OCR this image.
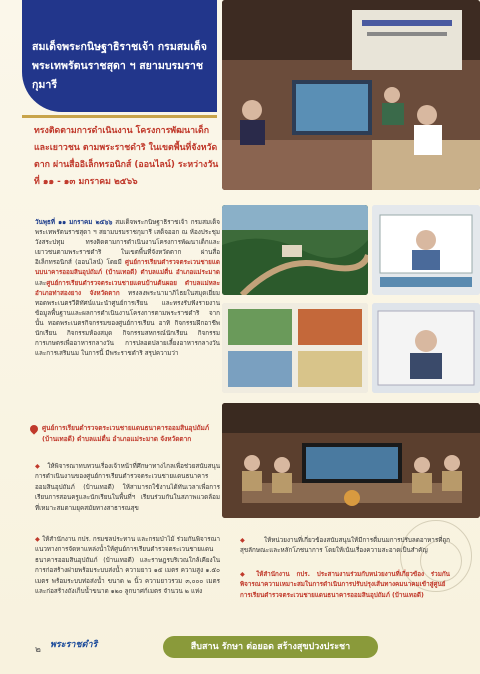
สมเด็จพระกนิษฐาธิราชเจ้า กรมสมเด็จพระเทพรัตนราชสุดา ฯ สยามบรมราชกุมารี
ทรงติดตามการดำเนินงาน โครงการพัฒนาเด็กและเยาวชน ตามพระราชดำริ ในเขตพื้นที่จังหวัดตาก ผ่านสื่ออิเล็กทรอนิกส์ (ออนไลน์) ระหว่างวันที่ ๑๑ - ๑๓ มกราคม ๒๕๖๖
วันพุธที่ ๑๑ มกราคม ๒๕๖๖ สมเด็จพระกนิษฐาธิราชเจ้า กรมสมเด็จพระเทพรัตนราชสุดา ฯ สยามบรมราชกุมารี เสด็จออก ณ ห้องประชุม วังสระปทุม ทรงติดตามการดำเนินงานโครงการพัฒนาเด็กและเยาวชนตามพระราชดำริ ในเขตพื้นที่จังหวัดตาก ผ่านสื่ออิเล็กทรอนิกส์ (ออนไลน์) โดยมี ศูนย์การเรียนตำรวจตระเวนชายแดนบนาคารออมสินอุปถัมภ์ (บ้านเทอดี) ตำบลแม่ตื่น อำเภอแม่ระมาด และศูนย์การเรียนตำรวจตระเวนชายแดนบ้านต้นผอย ตำบลแม่หละ อำเภอท่าสองยาง จังหวัดตาก ทรงลงพระนามาภิไธยในสมุดเยี่ยม ทอดพระเนตรวีดิทัศน์แนะนำศูนย์การเรียน และทรงรับฟังรายงานข้อมูลพื้นฐานและผลการดำเนินงานโครงการตามพระราชดำริ จากนั้น ทอดพระเนตรกิจกรรมของศูนย์การเรียน อาทิ กิจกรรมฝึกอาชีพนักเรียน กิจกรรมห้องสมุด กิจกรรมสหกรณ์นักเรียน กิจกรรมการเกษตรเพื่ออาหารกลางวัน การปลอดปลายเลี้ยงอาหารกลางวันและการเสริมนม ในการนี้ มีพระราชดำริ สรุปความว่า
ศูนย์การเรียนตำรวจตระเวนชายแดนธนาคารออมสินอุปถัมภ์ (บ้านเทอดี) ตำบลแม่ตื่น อำเภอแม่ระมาด จังหวัดตาก
◆ ให้พิจารณาทบทวนเรื่องเจ้าหน้าที่ศึกษาทางไกลเพื่อช่วยสนับสนุนการดำเนินงานของศูนย์การเรียนตำรวจตระเวนชายแดนธนาคารออมสินอุปถัมภ์ (บ้านเทอดี) ให้สามารถใช้งานได้ทันเวลาเพื่อการเรียนการสอนครูและนักเรียนในพื้นที่ฯ เรียนร่วมกันในสภาพแวดล้อมที่เหมาะสมตามยุคสมัยทางสาธารณสุข
◆ ให้สำนักงาน กปร. กรมชลประทาน และกรมป่าไม้ ร่วมกันพิจารณาแนวทางการจัดหาแหล่งน้ำให้ศูนย์การเรียนตำรวจตระเวนชายแดนธนาคารออมสินอุปถัมภ์ (บ้านเทอดี) และราษฎรบริเวณใกล้เคียงในการก่อสร้างฝายพร้อมระบบส่งน้ำ ความยาว ๑๕ เมตร ความสูง ๑.๕๐ เมตร พร้อมระบบท่อส่งน้ำ ขนาด ๒ นิ้ว ความยาวรวม ๓,๐๐๐ เมตร และก่อสร้างถังเก็บน้ำขนาด ๑๒๐ ลูกบาศก์เมตร จำนวน ๒ แห่ง
◆ ให้หน่วยงานที่เกี่ยวข้องสนับสนุนให้มีการดื่มนมการปรับลดอาหารที่ถูกสุขลักษณะและหลักโภชนาการ โดยให้เน้นเรื่องความสะอาดเป็นสำคัญ
◆ ให้สำนักงาน กปร. ประสานงานร่วมกับหน่วยงานที่เกี่ยวข้อง ร่วมกันพิจารณาความเหมาะสมในการดำเนินการปรับปรุงเส้นทางคมนาคมเข้าสู่ศูนย์การเรียนตำรวจตระเวนชายแดนธนาคารออมสินอุปถัมภ์ (บ้านเทอดี)
๒ พระราชดำริ	สืบสาน รักษา ต่อยอด สร้างสุขปวงประชา
